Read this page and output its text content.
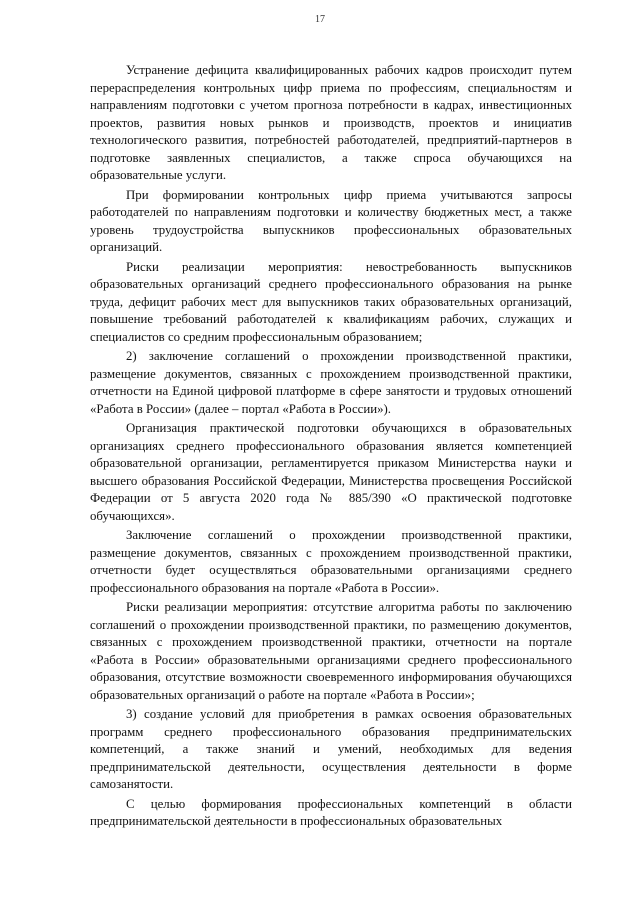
17

Устранение дефицита квалифицированных рабочих кадров происходит путем перераспределения контрольных цифр приема по профессиям, специальностям и направлениям подготовки с учетом прогноза потребности в кадрах, инвестиционных проектов, развития новых рынков и производств, проектов и инициатив технологического развития, потребностей работодателей, предприятий-партнеров в подготовке заявленных специалистов, а также спроса обучающихся на образовательные услуги.

При формировании контрольных цифр приема учитываются запросы работодателей по направлениям подготовки и количеству бюджетных мест, а также уровень трудоустройства выпускников профессиональных образовательных организаций.

Риски реализации мероприятия: невостребованность выпускников образовательных организаций среднего профессионального образования на рынке труда, дефицит рабочих мест для выпускников таких образовательных организаций, повышение требований работодателей к квалификациям рабочих, служащих и специалистов со средним профессиональным образованием;

2) заключение соглашений о прохождении производственной практики, размещение документов, связанных с прохождением производственной практики, отчетности на Единой цифровой платформе в сфере занятости и трудовых отношений «Работа в России» (далее – портал «Работа в России»).

Организация практической подготовки обучающихся в образовательных организациях среднего профессионального образования является компетенцией образовательной организации, регламентируется приказом Министерства науки и высшего образования Российской Федерации, Министерства просвещения Российской Федерации от 5 августа 2020 года № 885/390 «О практической подготовке обучающихся».

Заключение соглашений о прохождении производственной практики, размещение документов, связанных с прохождением производственной практики, отчетности будет осуществляться образовательными организациями среднего профессионального образования на портале «Работа в России».

Риски реализации мероприятия: отсутствие алгоритма работы по заключению соглашений о прохождении производственной практики, по размещению документов, связанных с прохождением производственной практики, отчетности на портале «Работа в России» образовательными организациями среднего профессионального образования, отсутствие возможности своевременного информирования обучающихся образовательных организаций о работе на портале «Работа в России»;

3) создание условий для приобретения в рамках освоения образовательных программ среднего профессионального образования предпринимательских компетенций, а также знаний и умений, необходимых для ведения предпринимательской деятельности, осуществления деятельности в форме самозанятости.

С целью формирования профессиональных компетенций в области предпринимательской деятельности в профессиональных образовательных
